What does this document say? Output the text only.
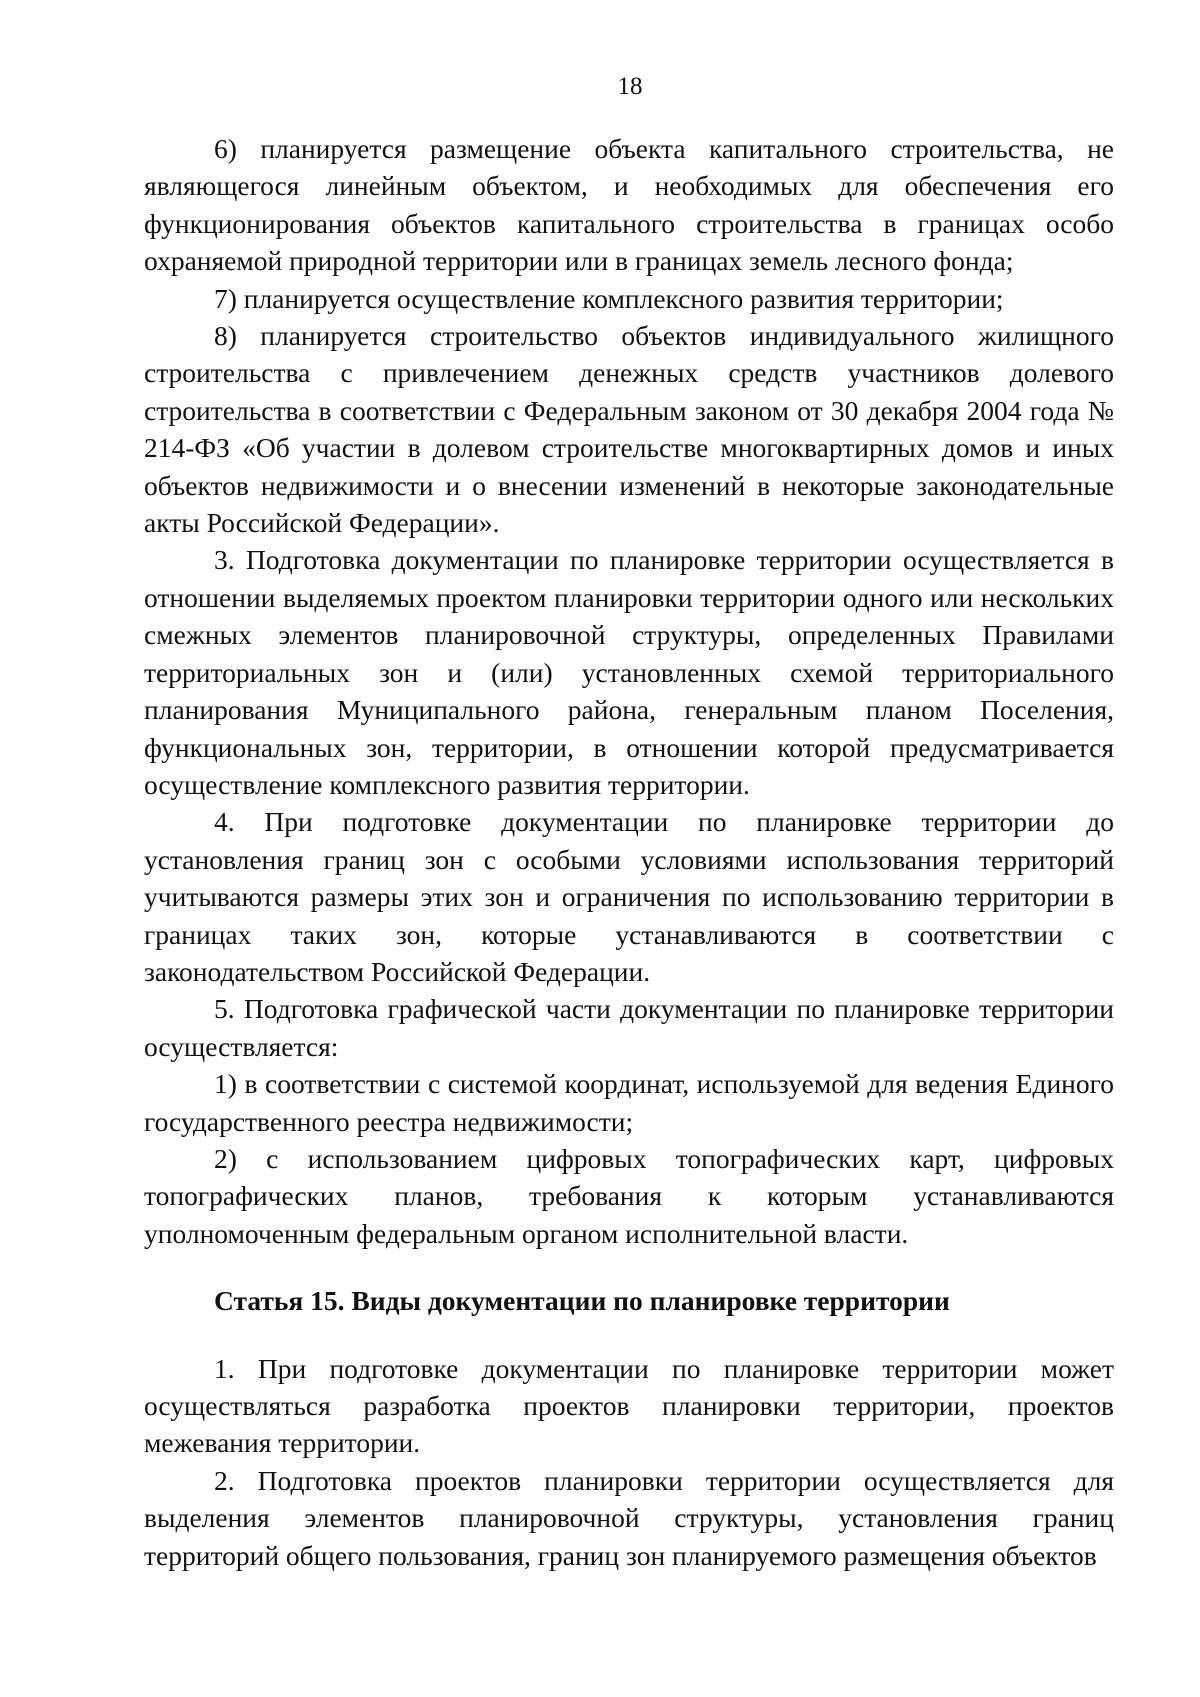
18

6) планируется размещение объекта капитального строительства, не являющегося линейным объектом, и необходимых для обеспечения его функционирования объектов капитального строительства в границах особо охраняемой природной территории или в границах земель лесного фонда;

7) планируется осуществление комплексного развития территории;

8) планируется строительство объектов индивидуального жилищного строительства с привлечением денежных средств участников долевого строительства в соответствии с Федеральным законом от 30 декабря 2004 года № 214-ФЗ «Об участии в долевом строительстве многоквартирных домов и иных объектов недвижимости и о внесении изменений в некоторые законодательные акты Российской Федерации».

3. Подготовка документации по планировке территории осуществляется в отношении выделяемых проектом планировки территории одного или нескольких смежных элементов планировочной структуры, определенных Правилами территориальных зон и (или) установленных схемой территориального планирования Муниципального района, генеральным планом Поселения, функциональных зон, территории, в отношении которой предусматривается осуществление комплексного развития территории.

4. При подготовке документации по планировке территории до установления границ зон с особыми условиями использования территорий учитываются размеры этих зон и ограничения по использованию территории в границах таких зон, которые устанавливаются в соответствии с законодательством Российской Федерации.

5. Подготовка графической части документации по планировке территории осуществляется:

1) в соответствии с системой координат, используемой для ведения Единого государственного реестра недвижимости;

2) с использованием цифровых топографических карт, цифровых топографических планов, требования к которым устанавливаются уполномоченным федеральным органом исполнительной власти.

Статья 15. Виды документации по планировке территории

1. При подготовке документации по планировке территории может осуществляться разработка проектов планировки территории, проектов межевания территории.

2. Подготовка проектов планировки территории осуществляется для выделения элементов планировочной структуры, установления границ территорий общего пользования, границ зон планируемого размещения объектов
